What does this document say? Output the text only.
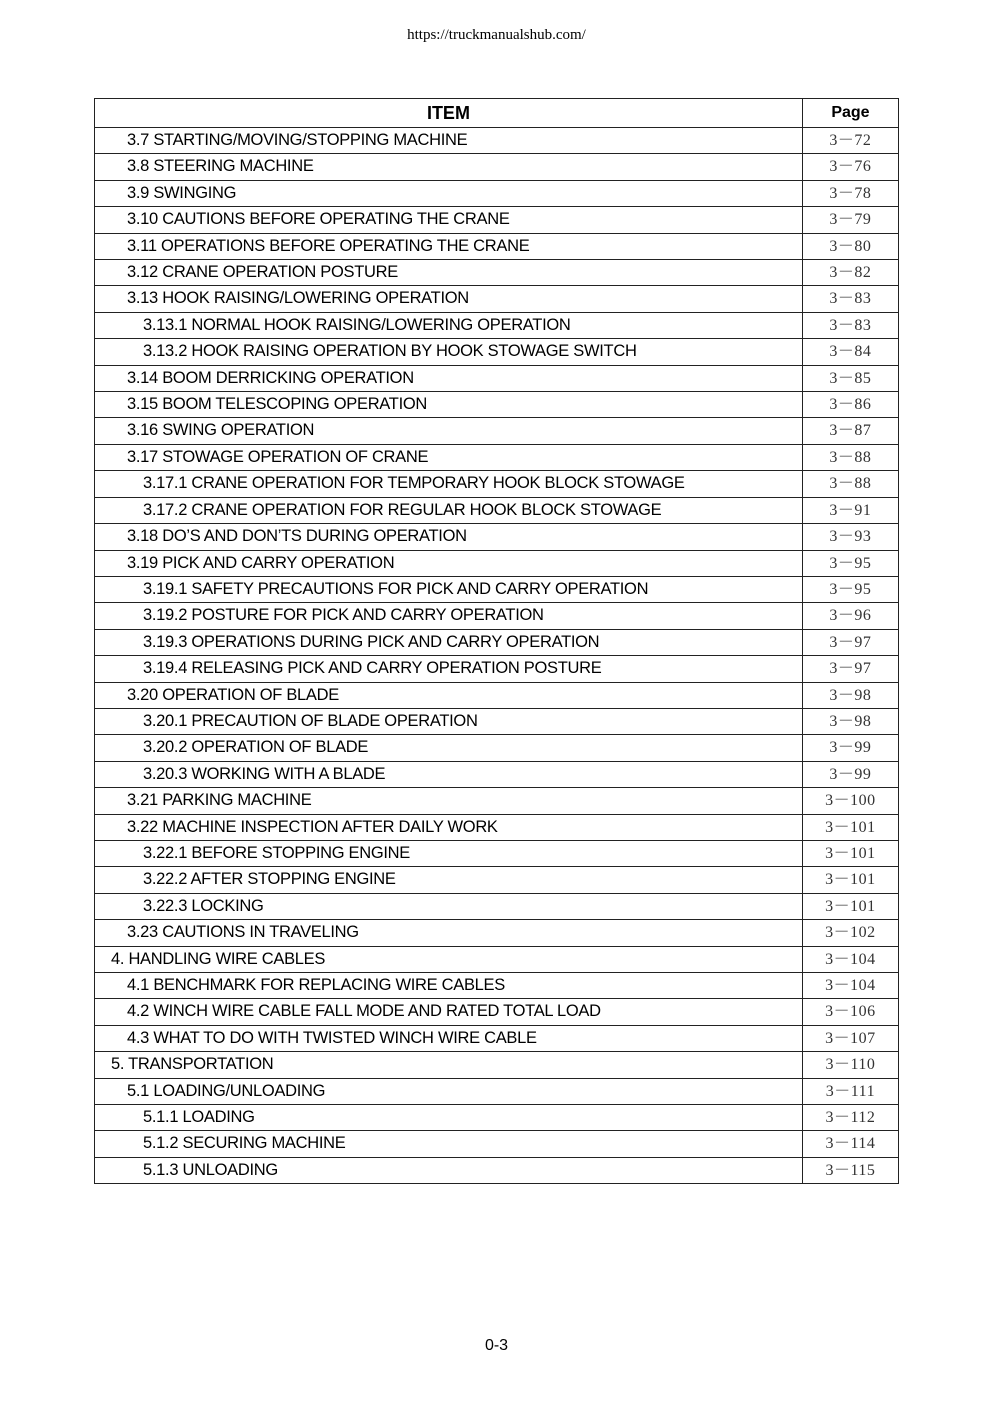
https://truckmanualshub.com/
ITEM	Page
3.7 STARTING/MOVING/STOPPING MACHINE	3－72
3.8 STEERING MACHINE	3－76
3.9 SWINGING	3－78
3.10 CAUTIONS BEFORE OPERATING THE CRANE	3－79
3.11 OPERATIONS BEFORE OPERATING THE CRANE	3－80
3.12 CRANE OPERATION POSTURE	3－82
3.13 HOOK RAISING/LOWERING OPERATION	3－83
3.13.1 NORMAL HOOK RAISING/LOWERING OPERATION	3－83
3.13.2 HOOK RAISING OPERATION BY HOOK STOWAGE SWITCH	3－84
3.14 BOOM DERRICKING OPERATION	3－85
3.15 BOOM TELESCOPING OPERATION	3－86
3.16 SWING OPERATION	3－87
3.17 STOWAGE OPERATION OF CRANE	3－88
3.17.1 CRANE OPERATION FOR TEMPORARY HOOK BLOCK STOWAGE	3－88
3.17.2 CRANE OPERATION FOR REGULAR HOOK BLOCK STOWAGE	3－91
3.18 DO’S AND DON’TS DURING OPERATION	3－93
3.19 PICK AND CARRY OPERATION	3－95
3.19.1 SAFETY PRECAUTIONS FOR PICK AND CARRY OPERATION	3－95
3.19.2 POSTURE FOR PICK AND CARRY OPERATION	3－96
3.19.3 OPERATIONS DURING PICK AND CARRY OPERATION	3－97
3.19.4 RELEASING PICK AND CARRY OPERATION POSTURE	3－97
3.20 OPERATION OF BLADE	3－98
3.20.1 PRECAUTION OF BLADE OPERATION	3－98
3.20.2 OPERATION OF BLADE	3－99
3.20.3 WORKING WITH A BLADE	3－99
3.21 PARKING MACHINE	3－100
3.22 MACHINE INSPECTION AFTER DAILY WORK	3－101
3.22.1 BEFORE STOPPING ENGINE	3－101
3.22.2 AFTER STOPPING ENGINE	3－101
3.22.3 LOCKING	3－101
3.23 CAUTIONS IN TRAVELING	3－102
4. HANDLING WIRE CABLES	3－104
4.1 BENCHMARK FOR REPLACING WIRE CABLES	3－104
4.2 WINCH WIRE CABLE FALL MODE AND RATED TOTAL LOAD	3－106
4.3 WHAT TO DO WITH TWISTED WINCH WIRE CABLE	3－107
5. TRANSPORTATION	3－110
5.1 LOADING/UNLOADING	3－111
5.1.1 LOADING	3－112
5.1.2 SECURING MACHINE	3－114
5.1.3 UNLOADING	3－115
0-3
